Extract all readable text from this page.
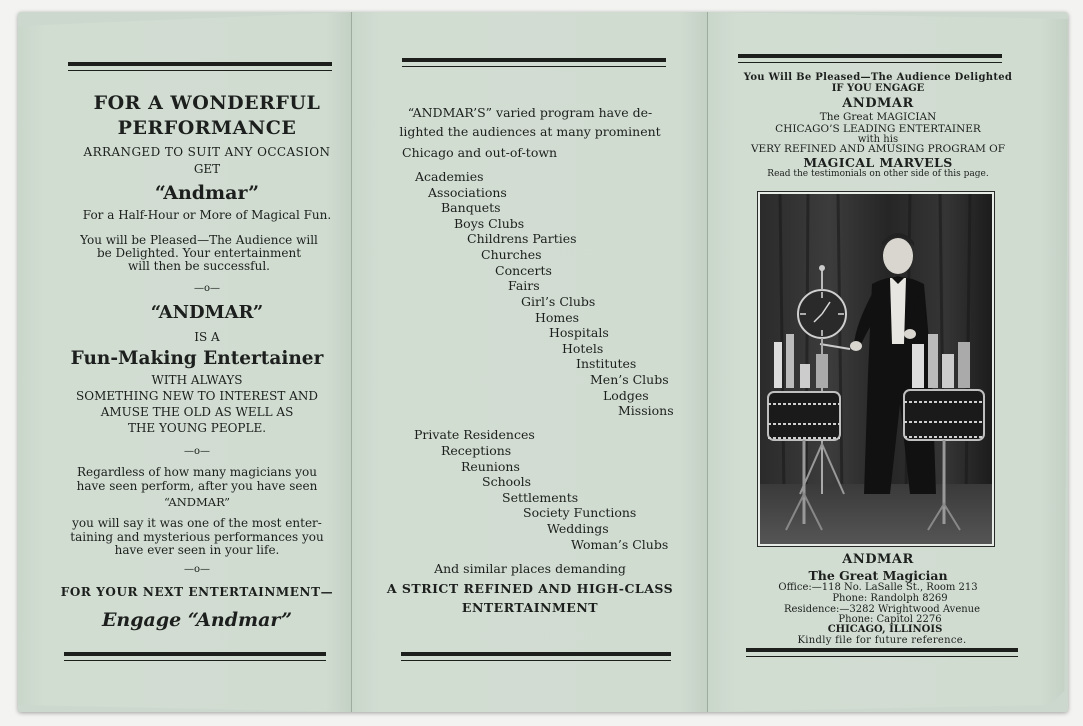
FOR A WONDERFUL
PERFORMANCE
ARRANGED TO SUIT ANY OCCASION
GET
“Andmar”
For a Half-Hour or More of Magical Fun.
You will be Pleased—The Audience will
be Delighted. Your entertainment
will then be successful.
—o—
“ANDMAR”
IS A
Fun-Making Entertainer
WITH ALWAYS
SOMETHING NEW TO INTEREST AND
AMUSE THE OLD AS WELL AS
THE YOUNG PEOPLE.
—o—
Regardless of how many magicians you
have seen perform, after you have seen
“ANDMAR”
you will say it was one of the most enter-
taining and mysterious performances you
have ever seen in your life.
—o—
FOR YOUR NEXT ENTERTAINMENT—
Engage “Andmar”
“ANDMAR’S” varied program have de-
lighted the audiences at many prominent
Chicago and out-of-town
Academies
Associations
Banquets
Boys Clubs
Childrens Parties
Churches
Concerts
Fairs
Girl’s Clubs
Homes
Hospitals
Hotels
Institutes
Men’s Clubs
Lodges
Missions
Private Residences
Receptions
Reunions
Schools
Settlements
Society Functions
Weddings
Woman’s Clubs
And similar places demanding
A STRICT REFINED AND HIGH-CLASS
ENTERTAINMENT
You Will Be Pleased—The Audience Delighted
IF YOU ENGAGE
ANDMAR
The Great MAGICIAN
CHICAGO’S LEADING ENTERTAINER
with his
VERY REFINED AND AMUSING PROGRAM OF
MAGICAL MARVELS
Read the testimonials on other side of this page.
ANDMAR
The Great Magician
Office:—118 No. LaSalle St., Room 213
Phone: Randolph 8269
Residence:—3282 Wrightwood Avenue
Phone: Capitol 2276
CHICAGO, ILLINOIS
Kindly file for future reference.
